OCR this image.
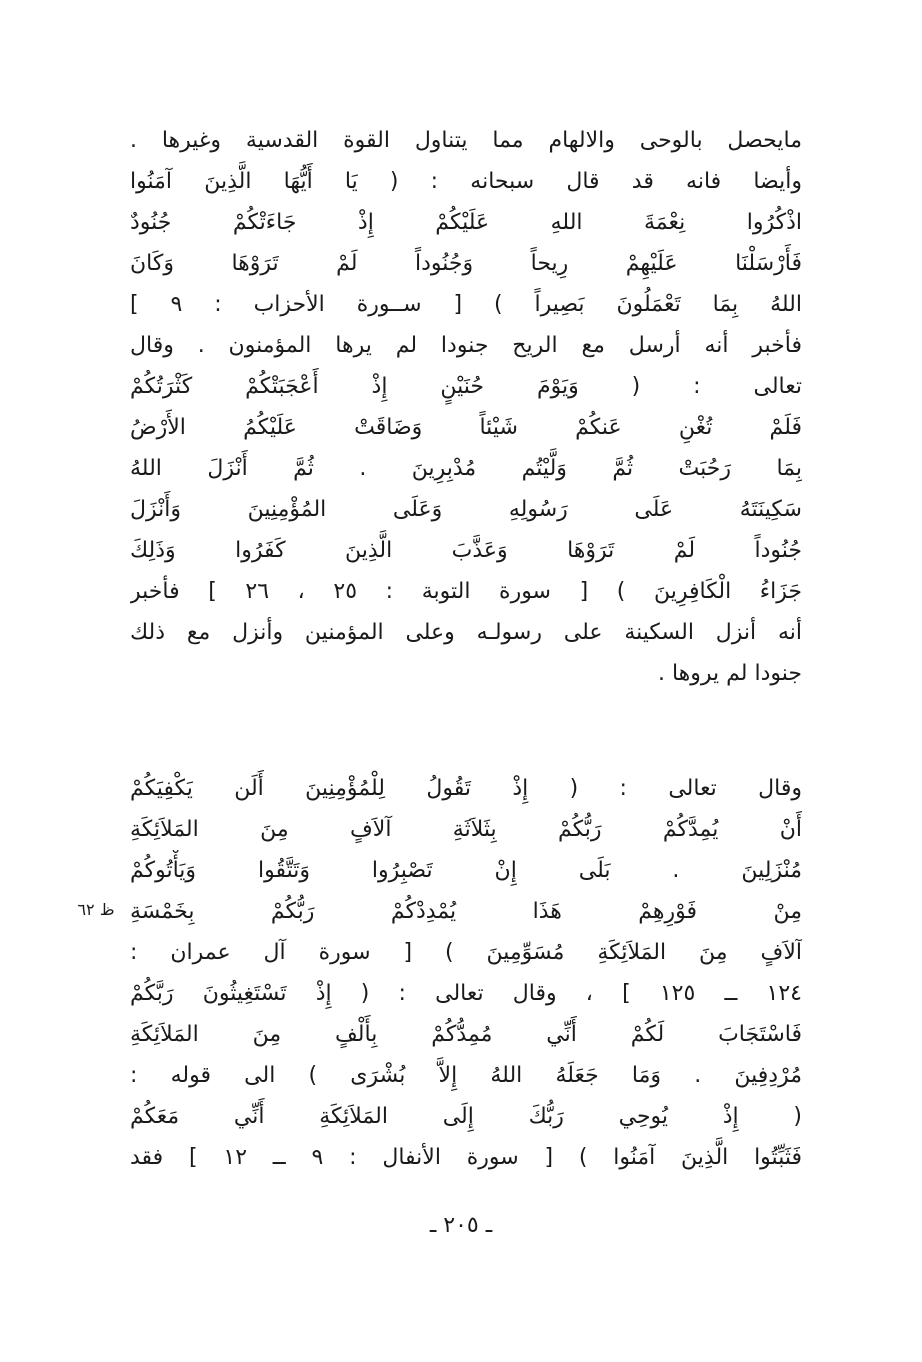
مايحصل بالوحى والالهام مما يتناول القوة القدسية وغيرها .
وأيضا فانه قد قال سبحانه : ( يَا أَيُّهَا الَّذِينَ آمَنُوا
اذْكُرُوا نِعْمَةَ اللهِ عَلَيْكُمْ إِذْ جَاءَتْكُمْ جُنُودٌ
فَأَرْسَلْنَا عَلَيْهِمْ رِيحاً وَجُنُوداً لَمْ تَرَوْهَا وَكَانَ
اللهُ بِمَا تَعْمَلُونَ بَصِيراً ) [ ســورة الأحزاب : ٩ ]
فأخبر أنه أرسل مع الريح جنودا لم يرها المؤمنون . وقال
تعالى : ( وَيَوْمَ حُنَيْنٍ إِذْ أَعْجَبَتْكُمْ كَثْرَتُكُمْ
فَلَمْ تُغْنِ عَنكُمْ شَيْئاً وَضَاقَتْ عَلَيْكُمُ الأَرْضُ
بِمَا رَحُبَتْ ثُمَّ وَلَّيْتُم مُدْبِرِينَ . ثُمَّ أَنْزَلَ اللهُ
سَكِينَتَهُ عَلَى رَسُولِهِ وَعَلَى المُؤْمِنِينَ وَأَنْزَلَ
جُنُوداً لَمْ تَرَوْهَا وَعَذَّبَ الَّذِينَ كَفَرُوا وَذَلِكَ
جَزَاءُ الْكَافِرِينَ ) [ سورة التوبة : ٢٥ ، ٢٦ ] فأخبر
أنه أنزل السكينة على رسولـه وعلى المؤمنين وأنزل مع ذلك
جنودا لم يروها .
وقال تعالى : ( إِذْ تَقُولُ لِلْمُؤْمِنِينَ أَلَن يَكْفِيَكُمْ
أَنْ يُمِدَّكُمْ رَبُّكُمْ بِثَلاَثَةِ آلاَفٍ مِنَ المَلاَئِكَةِ
مُنْزَلِينَ . بَلَى إِنْ تَصْبِرُوا وَتَتَّقُوا وَيَأْتُوكُمْ
مِنْ فَوْرِهِمْ هَذَا يُمْدِدْكُمْ رَبُّكُمْ بِخَمْسَةِ
آلاَفٍ مِنَ المَلاَئِكَةِ مُسَوِّمِينَ ) [ سورة آل عمران :
١٢٤ ــ ١٢٥ ] ، وقال تعالى : ( إِذْ تَسْتَغِيثُونَ رَبَّكُمْ
فَاسْتَجَابَ لَكُمْ أَنِّي مُمِدُّكُمْ بِأَلْفٍ مِنَ المَلاَئِكَةِ
مُرْدِفِينَ . وَمَا جَعَلَهُ اللهُ إِلاَّ بُشْرَى ) الى قوله :
( إِذْ يُوحِي رَبُّكَ إِلَى المَلاَئِكَةِ أَنِّي مَعَكُمْ
فَثَبِّتُوا الَّذِينَ آمَنُوا ) [ سورة الأنفال : ٩ ــ ١٢ ] فقد
ظ ٦٢
ـ ٢٠٥ ـ
